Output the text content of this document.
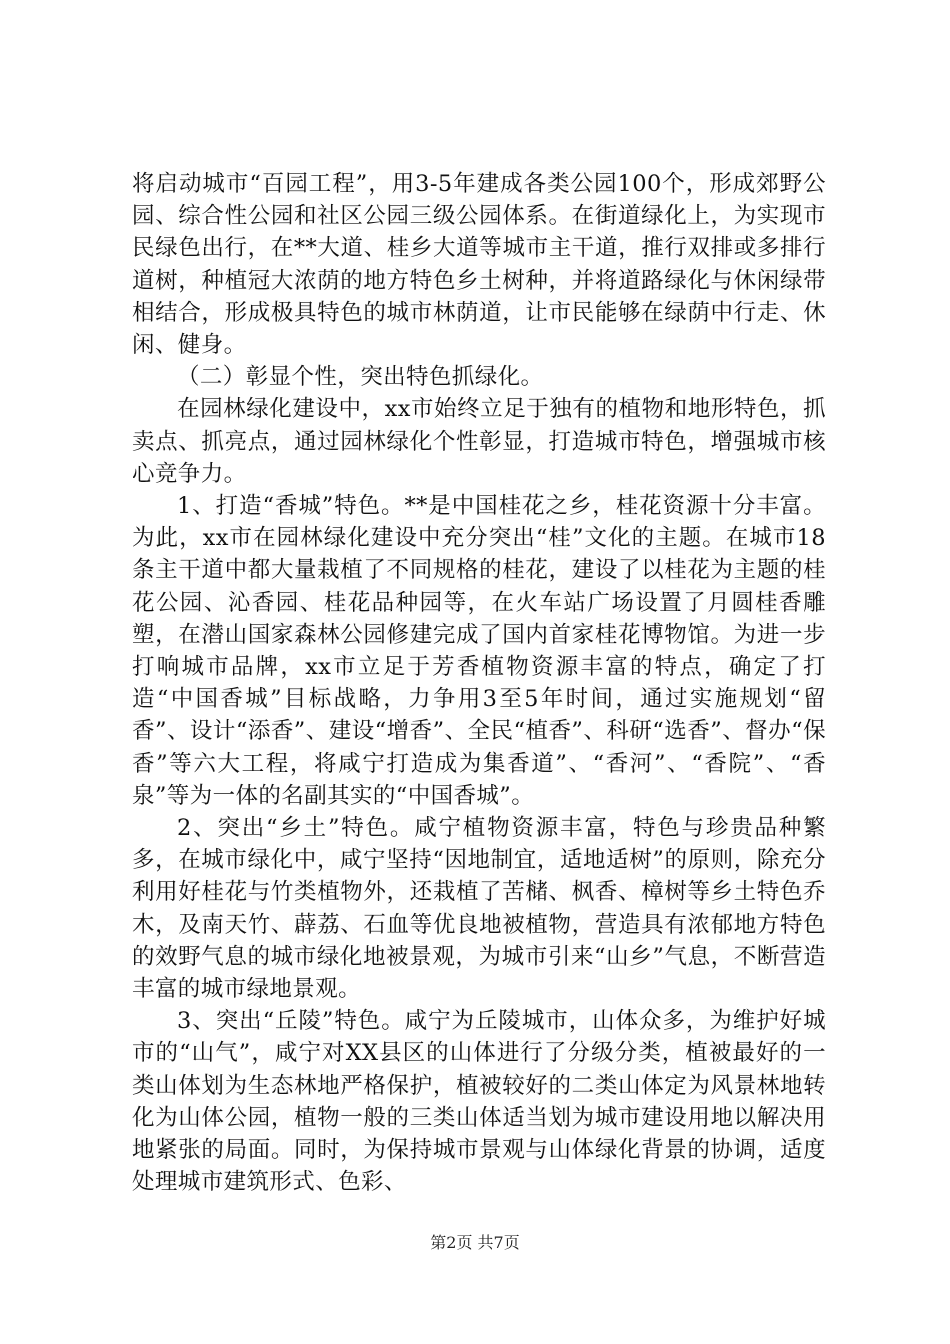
将启动城市“百园工程”，用3-5年建成各类公园100个，形成郊野公园、综合性公园和社区公园三级公园体系。在街道绿化上，为实现市民绿色出行，在**大道、桂乡大道等城市主干道，推行双排或多排行道树，种植冠大浓荫的地方特色乡土树种，并将道路绿化与休闲绿带相结合，形成极具特色的城市林荫道，让市民能够在绿荫中行走、休闲、健身。

（二）彰显个性，突出特色抓绿化。

在园林绿化建设中，xx市始终立足于独有的植物和地形特色，抓卖点、抓亮点，通过园林绿化个性彰显，打造城市特色，增强城市核心竞争力。

1、打造“香城”特色。**是中国桂花之乡，桂花资源十分丰富。为此，xx市在园林绿化建设中充分突出“桂”文化的主题。在城市18条主干道中都大量栽植了不同规格的桂花，建设了以桂花为主题的桂花公园、沁香园、桂花品种园等，在火车站广场设置了月圆桂香雕塑，在潜山国家森林公园修建完成了国内首家桂花博物馆。为进一步打响城市品牌，xx市立足于芳香植物资源丰富的特点，确定了打造“中国香城”目标战略，力争用3至5年时间，通过实施规划“留香”、设计“添香”、建设“增香”、全民“植香”、科研“选香”、督办“保香”等六大工程，将咸宁打造成为集香道”、“香河”、“香院”、“香泉”等为一体的名副其实的“中国香城”。

2、突出“乡土”特色。咸宁植物资源丰富，特色与珍贵品种繁多，在城市绿化中，咸宁坚持“因地制宜，适地适树”的原则，除充分利用好桂花与竹类植物外，还栽植了苦槠、枫香、樟树等乡土特色乔木，及南天竹、薜荔、石血等优良地被植物，营造具有浓郁地方特色的效野气息的城市绿化地被景观，为城市引来“山乡”气息，不断营造丰富的城市绿地景观。

3、突出“丘陵”特色。咸宁为丘陵城市，山体众多，为维护好城市的“山气”，咸宁对XX县区的山体进行了分级分类，植被最好的一类山体划为生态林地严格保护，植被较好的二类山体定为风景林地转化为山体公园，植物一般的三类山体适当划为城市建设用地以解决用地紧张的局面。同时，为保持城市景观与山体绿化背景的协调，适度处理城市建筑形式、色彩、

第2页 共7页
